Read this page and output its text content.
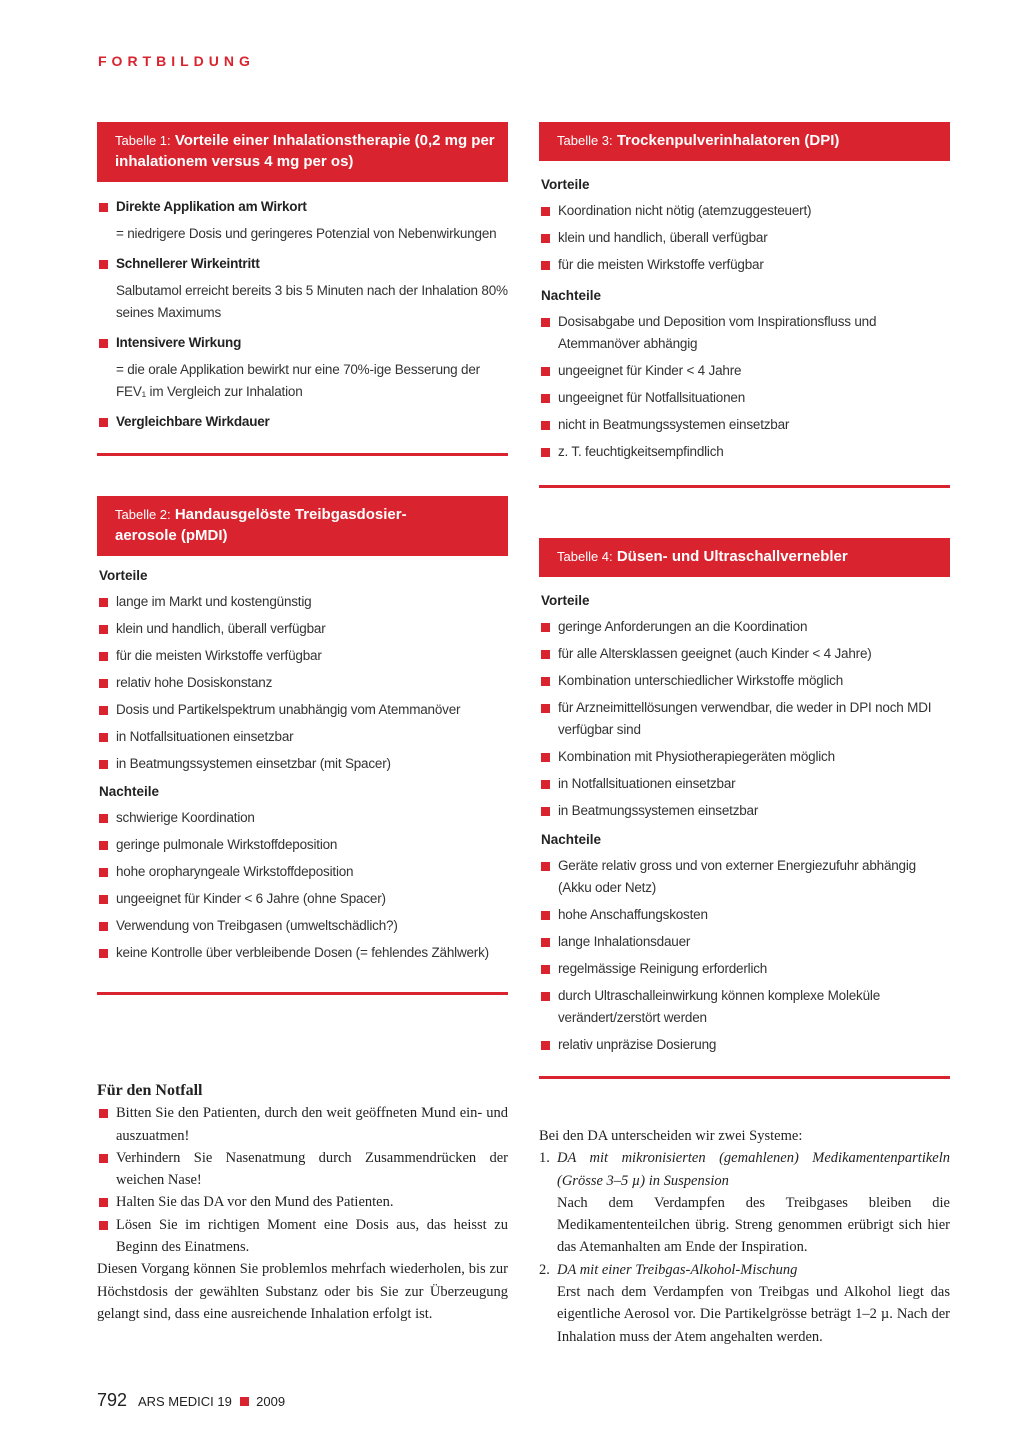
FORTBILDUNG
Tabelle 1: Vorteile einer Inhalationstherapie (0,2 mg per inhalationem versus 4 mg per os)
Direkte Applikation am Wirkort
= niedrigere Dosis und geringeres Potenzial von Nebenwirkungen
Schnellerer Wirkeintritt
Salbutamol erreicht bereits 3 bis 5 Minuten nach der Inhalation 80% seines Maximums
Intensivere Wirkung
= die orale Applikation bewirkt nur eine 70%-ige Besserung der FEV₁ im Vergleich zur Inhalation
Vergleichbare Wirkdauer
Tabelle 2: Handausgelöste Treibgasdosier-aerosole (pMDI)
Vorteile
lange im Markt und kostengünstig
klein und handlich, überall verfügbar
für die meisten Wirkstoffe verfügbar
relativ hohe Dosiskonstanz
Dosis und Partikelspektrum unabhängig vom Atemmanöver
in Notfallsituationen einsetzbar
in Beatmungssystemen einsetzbar (mit Spacer)
Nachteile
schwierige Koordination
geringe pulmonale Wirkstoffdeposition
hohe oropharyngeale Wirkstoffdeposition
ungeeignet für Kinder < 6 Jahre (ohne Spacer)
Verwendung von Treibgasen (umweltschädlich?)
keine Kontrolle über verbleibende Dosen (= fehlendes Zählwerk)
Tabelle 3: Trockenpulverinhalatoren (DPI)
Vorteile
Koordination nicht nötig (atemzuggesteuert)
klein und handlich, überall verfügbar
für die meisten Wirkstoffe verfügbar
Nachteile
Dosisabgabe und Deposition vom Inspirationsfluss und Atemmanöver abhängig
ungeeignet für Kinder < 4 Jahre
ungeeignet für Notfallsituationen
nicht in Beatmungssystemen einsetzbar
z. T. feuchtigkeitsempfindlich
Tabelle 4: Düsen- und Ultraschallvernebler
Vorteile
geringe Anforderungen an die Koordination
für alle Altersklassen geeignet (auch Kinder < 4 Jahre)
Kombination unterschiedlicher Wirkstoffe möglich
für Arzneimittellösungen verwendbar, die weder in DPI noch MDI verfügbar sind
Kombination mit Physiotherapiegeräten möglich
in Notfallsituationen einsetzbar
in Beatmungssystemen einsetzbar
Nachteile
Geräte relativ gross und von externer Energiezufuhr abhängig (Akku oder Netz)
hohe Anschaffungskosten
lange Inhalationsdauer
regelmässige Reinigung erforderlich
durch Ultraschalleinwirkung können komplexe Moleküle verändert/zerstört werden
relativ unpräzise Dosierung
Für den Notfall
Bitten Sie den Patienten, durch den weit geöffneten Mund ein- und auszuatmen!
Verhindern Sie Nasenatmung durch Zusammendrücken der weichen Nase!
Halten Sie das DA vor den Mund des Patienten.
Lösen Sie im richtigen Moment eine Dosis aus, das heisst zu Beginn des Einatmens.
Diesen Vorgang können Sie problemlos mehrfach wiederholen, bis zur Höchstdosis der gewählten Substanz oder bis Sie zur Überzeugung gelangt sind, dass eine ausreichende Inhalation erfolgt ist.
Bei den DA unterscheiden wir zwei Systeme:
1. DA mit mikronisierten (gemahlenen) Medikamentenpartikeln (Grösse 3–5 µ) in Suspension
Nach dem Verdampfen des Treibgases bleiben die Medikamententeilchen übrig. Streng genommen erübrigt sich hier das Atemanhalten am Ende der Inspiration.
2. DA mit einer Treibgas-Alkohol-Mischung
Erst nach dem Verdampfen von Treibgas und Alkohol liegt das eigentliche Aerosol vor. Die Partikelgrösse beträgt 1–2 µ. Nach der Inhalation muss der Atem angehalten werden.
792 ARS MEDICI 19 2009
